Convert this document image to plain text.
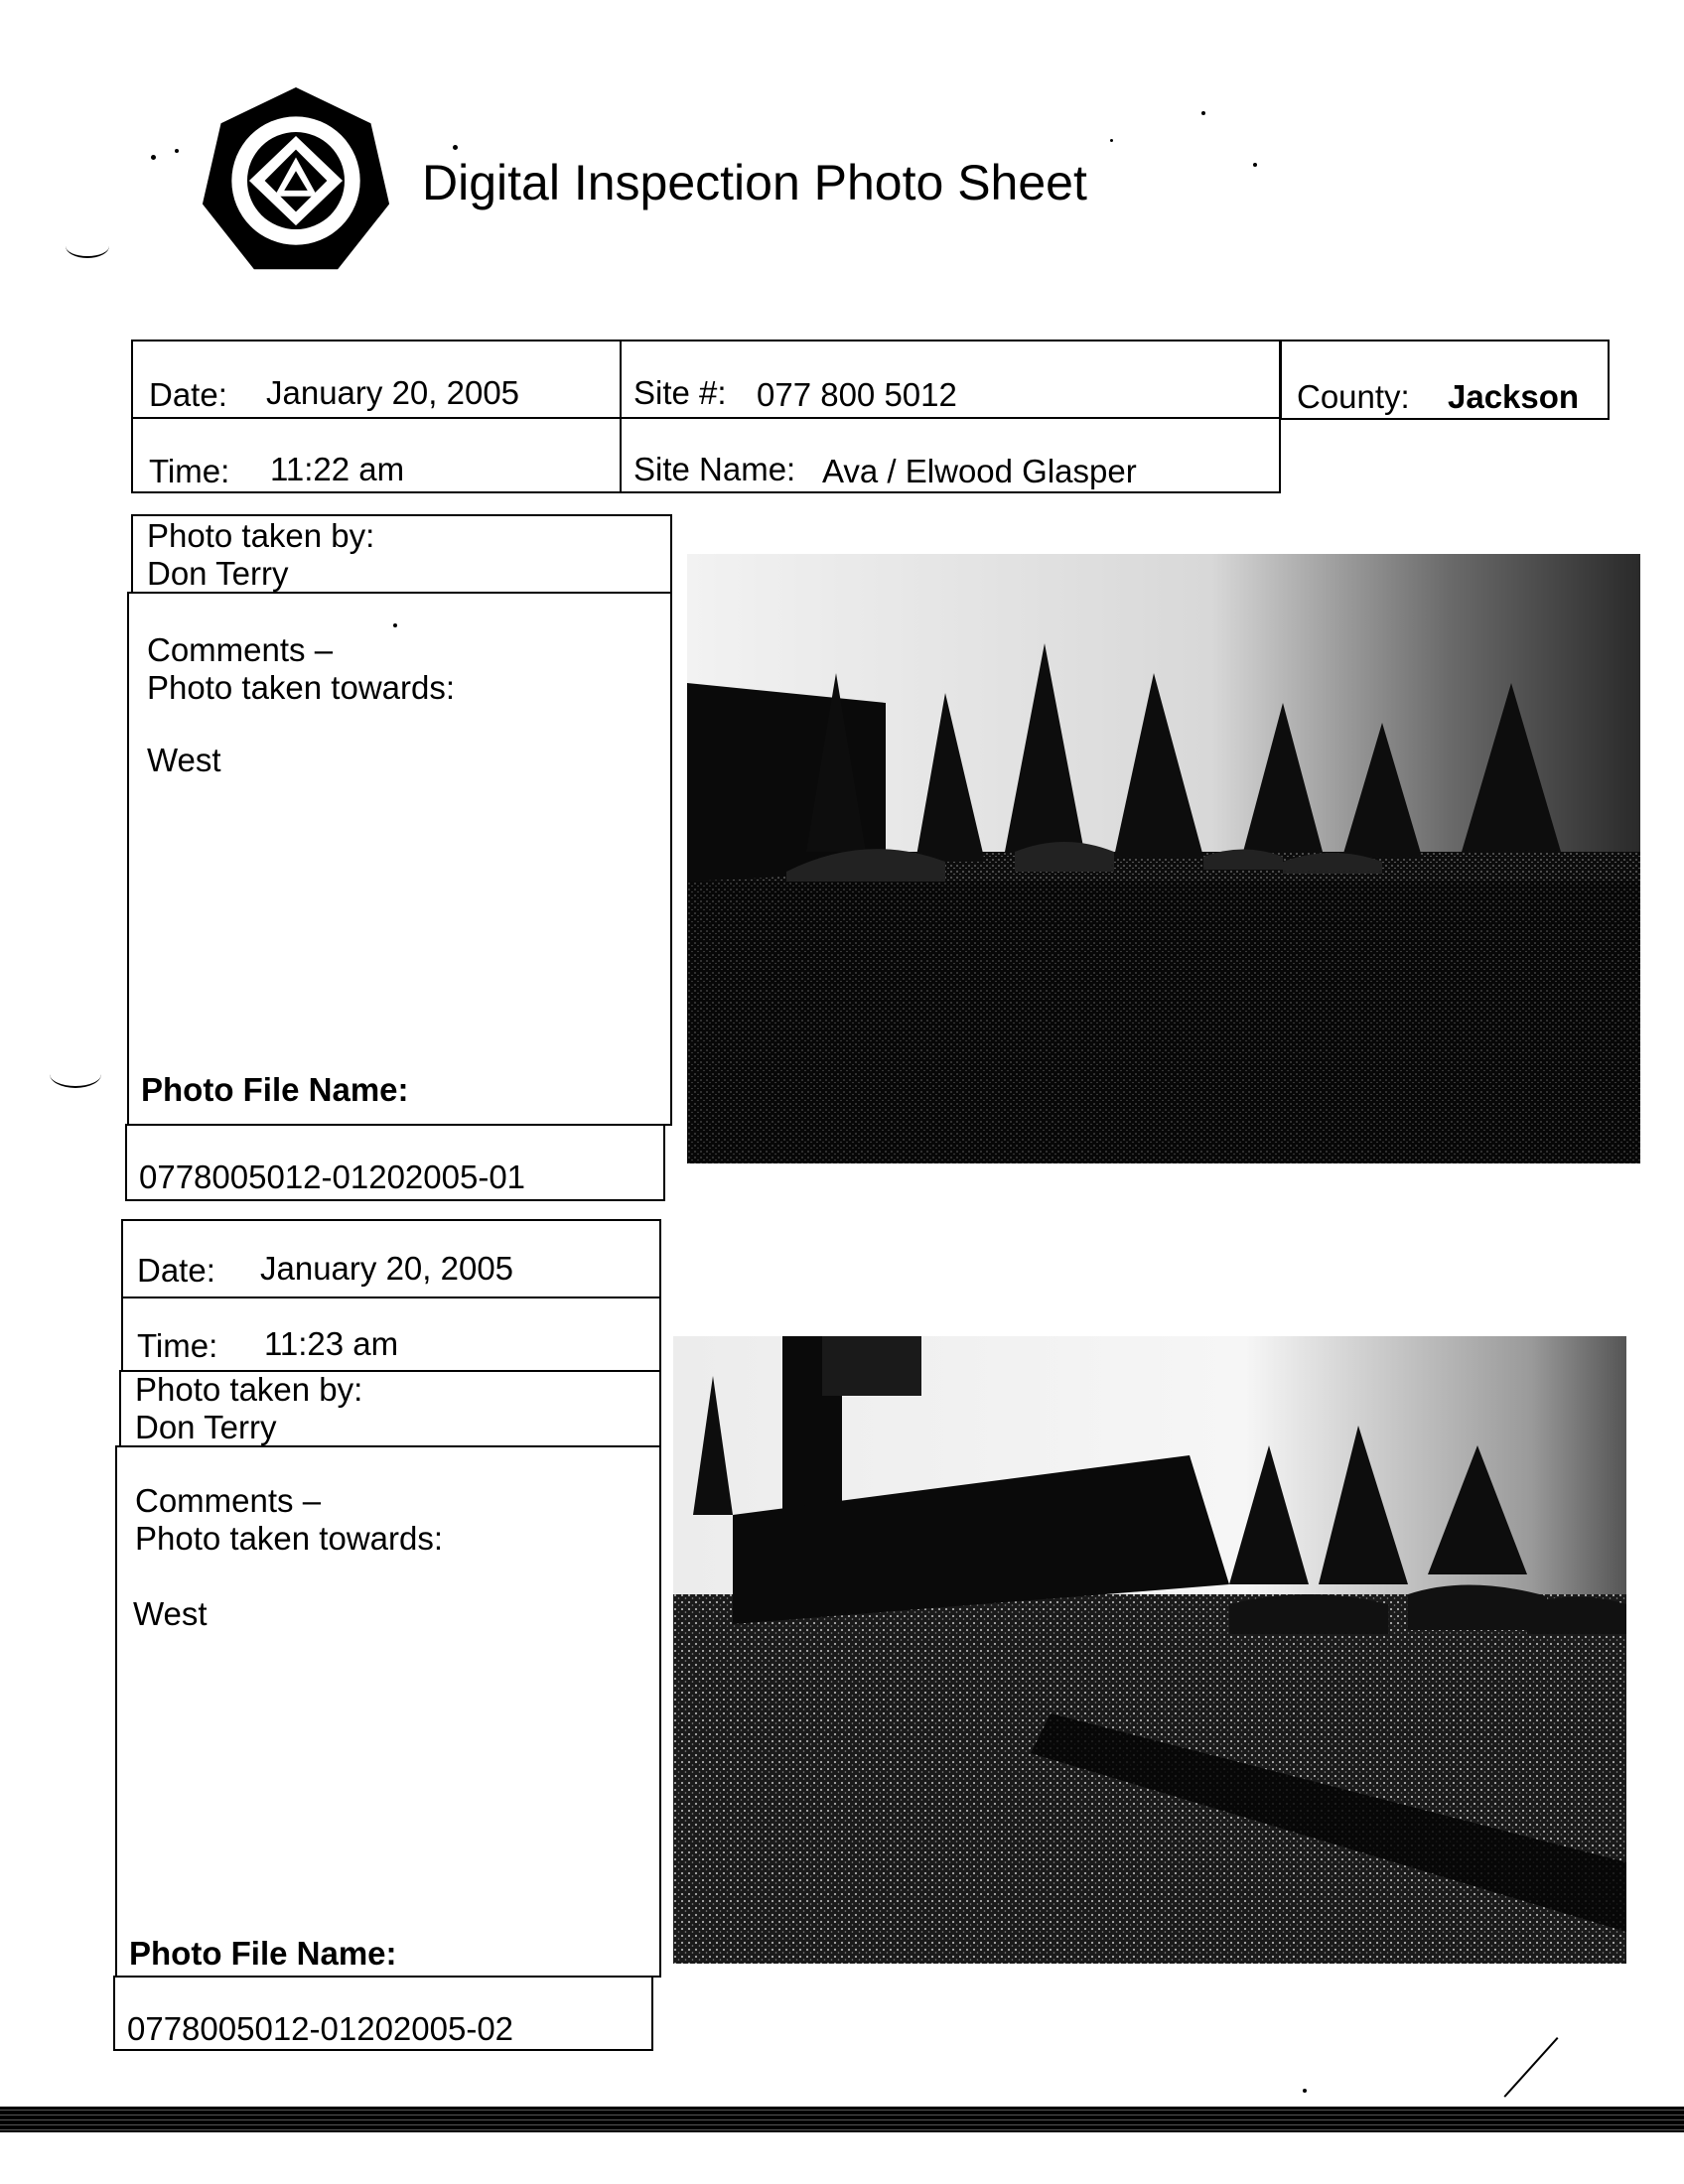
Digital Inspection Photo Sheet
Date: January 20, 2005
Time: 11:22 am
Site #: 077 800 5012
Site Name: Ava / Elwood Glasper
County: Jackson
Photo taken by:
Don Terry
Comments –
Photo taken towards:
West
Photo File Name:
0778005012-01202005-01
Date: January 20, 2005
Time: 11:23 am
Photo taken by:
Don Terry
Comments –
Photo taken towards:
West
Photo File Name:
0778005012-01202005-02
